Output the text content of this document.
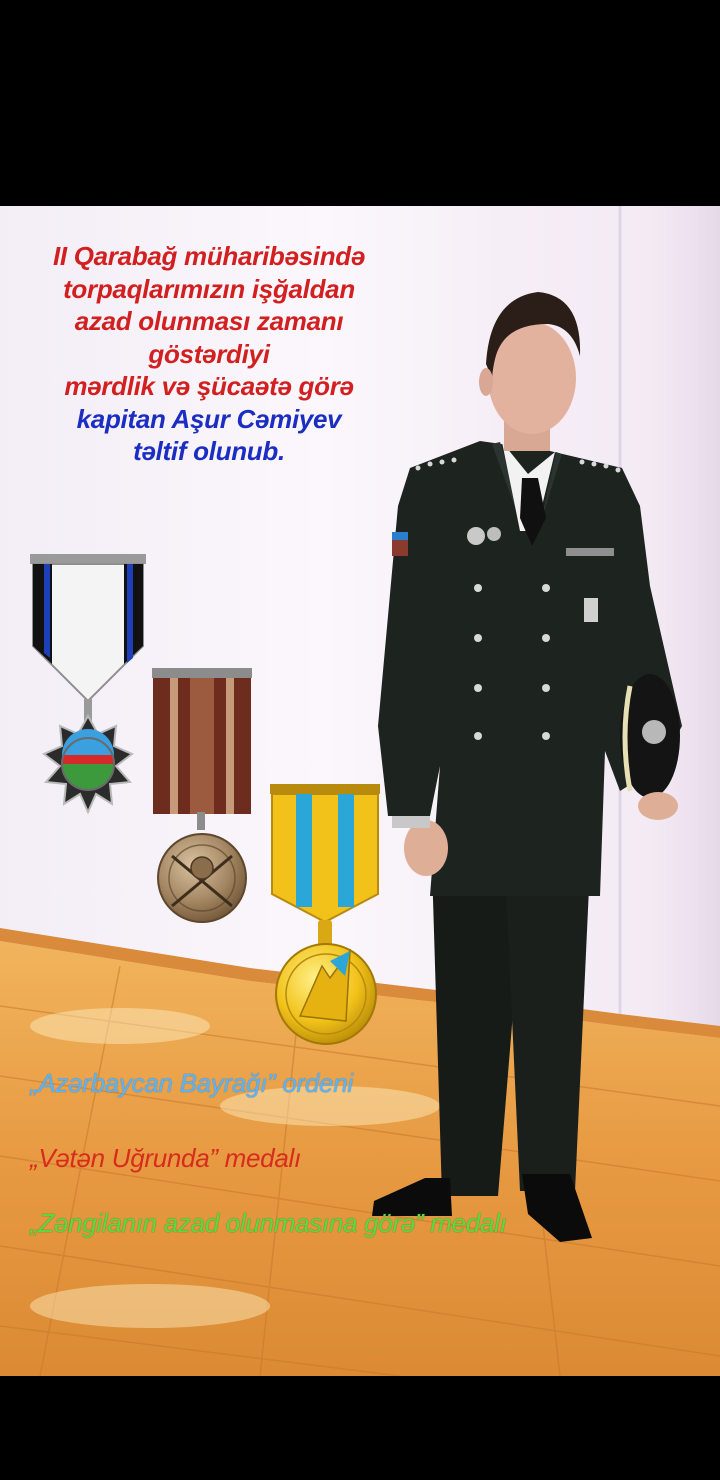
II Qarabağ müharibəsində
torpaqlarımızın işğaldan
azad olunması zamanı
göstərdiyi
mərdlik və şücaətə görə
kapitan Aşur Cəmiyev
təltif olunub.
„Azərbaycan Bayrağı” ordeni
„Vətən Uğrunda” medalı
„Zəngilanın azad olunmasına görə” medalı
